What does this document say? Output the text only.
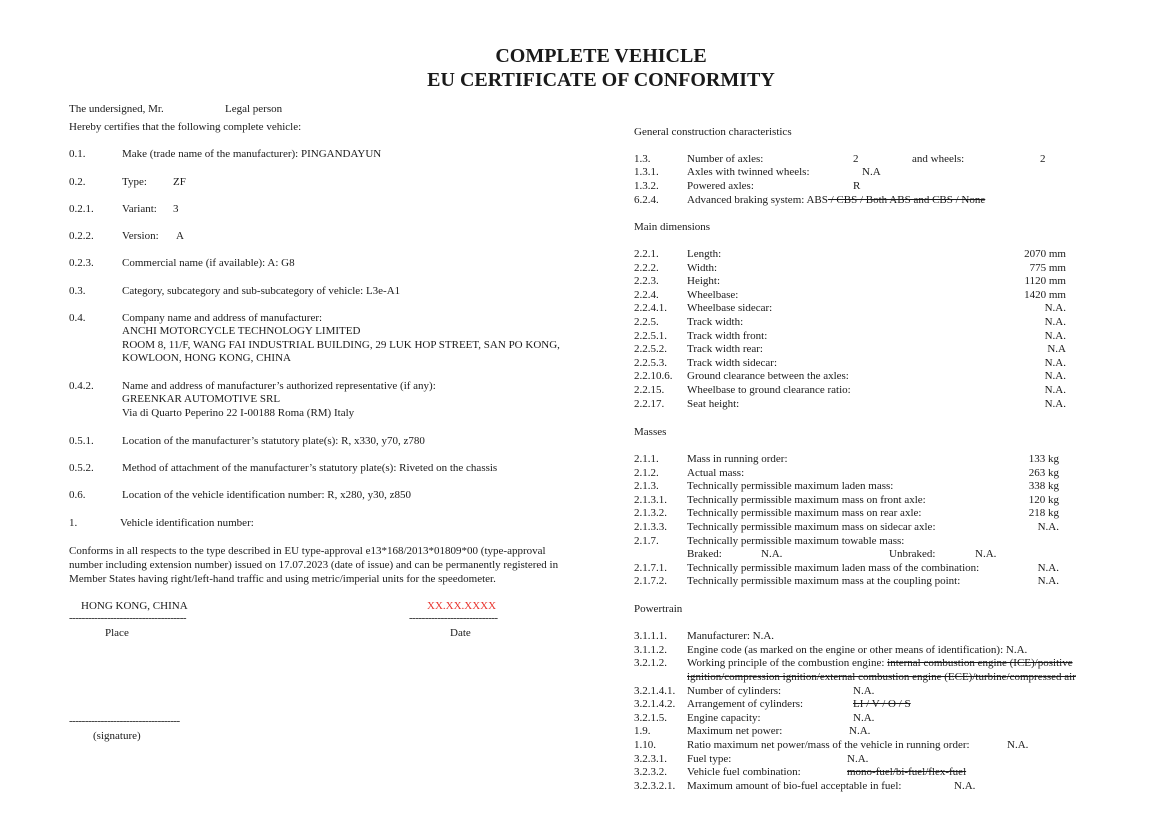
COMPLETE VEHICLE
EU CERTIFICATE OF CONFORMITY
The undersigned, Mr.	Legal person
Hereby certifies that the following complete vehicle:
0.1.	Make (trade name of the manufacturer): PINGANDAYUN
0.2.	Type: ZF
0.2.1.	Variant: 3
0.2.2.	Version: A
0.2.3.	Commercial name (if available): A: G8
0.3.	Category, subcategory and sub-subcategory of vehicle: L3e-A1
0.4.	Company name and address of manufacturer:
ANCHI MOTORCYCLE TECHNOLOGY LIMITED
ROOM 8, 11/F, WANG FAI INDUSTRIAL BUILDING, 29 LUK HOP STREET, SAN PO KONG,
KOWLOON, HONG KONG, CHINA
0.4.2.	Name and address of manufacturer’s authorized representative (if any):
GREENKAR AUTOMOTIVE SRL
Via di Quarto Peperino 22 I-00188 Roma (RM) Italy
0.5.1.	Location of the manufacturer’s statutory plate(s): R, x330, y70, z780
0.5.2.	Method of attachment of the manufacturer’s statutory plate(s): Riveted on the chassis
0.6.	Location of the vehicle identification number: R, x280, y30, z850
1.	Vehicle identification number:
Conforms in all respects to the type described in EU type-approval e13*168/2013*01809*00 (type-approval
number including extension number) issued on 17.07.2023 (date of issue) and can be permanently registered in
Member States having right/left-hand traffic and using metric/imperial units for the speedometer.
HONG KONG, CHINA	XX.XX.XXXX
-------------------------------------	----------------------------
Place	Date
-----------------------------------
(signature)
General construction characteristics
1.3.	Number of axles:	2	and wheels:	2
1.3.1.	Axles with twinned wheels:	N.A
1.3.2.	Powered axles:	R
6.2.4.	Advanced braking system: ABS / CBS / Both ABS and CBS / None
Main dimensions
2.2.1.	Length:	2070 mm
2.2.2.	Width:	775 mm
2.2.3.	Height:	1120 mm
2.2.4.	Wheelbase:	1420 mm
2.2.4.1. Wheelbase sidecar:	N.A.
2.2.5.	Track width:	N.A.
2.2.5.1. Track width front:	N.A.
2.2.5.2. Track width rear:	N.A
2.2.5.3. Track width sidecar:	N.A.
2.2.10.6. Ground clearance between the axles:	N.A.
2.2.15. Wheelbase to ground clearance ratio:	N.A.
2.2.17. Seat height:	N.A.
Masses
2.1.1.	Mass in running order:	133 kg
2.1.2.	Actual mass:	263 kg
2.1.3.	Technically permissible maximum laden mass:	338 kg
2.1.3.1. Technically permissible maximum mass on front axle:	120 kg
2.1.3.2. Technically permissible maximum mass on rear axle:	218 kg
2.1.3.3. Technically permissible maximum mass on sidecar axle:	N.A.
2.1.7.	Technically permissible maximum towable mass:
Braked:	N.A.	Unbraked:	N.A.
2.1.7.1. Technically permissible maximum laden mass of the combination:	N.A.
2.1.7.2. Technically permissible maximum mass at the coupling point:	N.A.
Powertrain
3.1.1.1. Manufacturer: N.A.
3.1.1.2. Engine code (as marked on the engine or other means of identification): N.A.
3.2.1.2. Working principle of the combustion engine: internal combustion engine (ICE)/positive
ignition/compression ignition/external combustion engine (ECE)/turbine/compressed air
3.2.1.4.1. Number of cylinders:	N.A.
3.2.1.4.2. Arrangement of cylinders:	LI / V / O / S
3.2.1.5. Engine capacity:	N.A.
1.9.	Maximum net power:	N.A.
1.10.	Ratio maximum net power/mass of the vehicle in running order:	N.A.
3.2.3.1. Fuel type:	N.A.
3.2.3.2. Vehicle fuel combination:	mono-fuel/bi-fuel/flex-fuel
3.2.3.2.1. Maximum amount of bio-fuel acceptable in fuel:	N.A.
